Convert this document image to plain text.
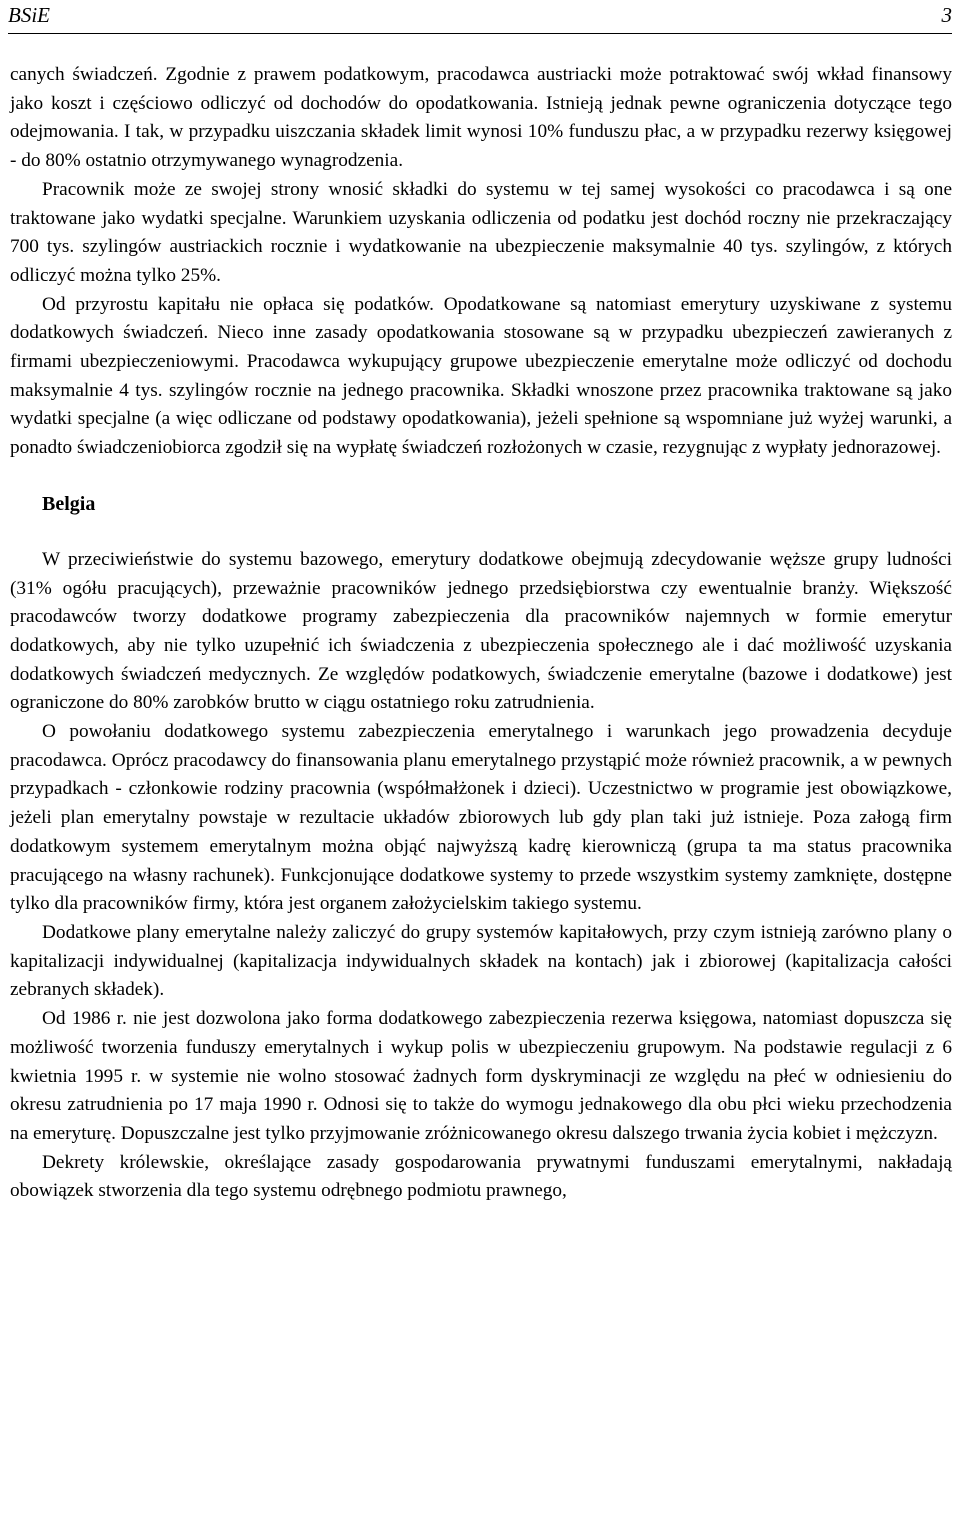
BSiE	3

canych świadczeń. Zgodnie z prawem podatkowym, pracodawca austriacki może potraktować swój wkład finansowy jako koszt i częściowo odliczyć od dochodów do opodatkowania. Istnieją jednak pewne ograniczenia dotyczące tego odejmowania. I tak, w przypadku uiszczania składek limit wynosi 10% funduszu płac, a w przypadku rezerwy księgowej - do 80% ostatnio otrzymywanego wynagrodzenia.

Pracownik może ze swojej strony wnosić składki do systemu w tej samej wysokości co pracodawca i są one traktowane jako wydatki specjalne. Warunkiem uzyskania odliczenia od podatku jest dochód roczny nie przekraczający 700 tys. szylingów austriackich rocznie i wydatkowanie na ubezpieczenie maksymalnie 40 tys. szylingów, z których odliczyć można tylko 25%.

Od przyrostu kapitału nie opłaca się podatków. Opodatkowane są natomiast emerytury uzyskiwane z systemu dodatkowych świadczeń. Nieco inne zasady opodatkowania stosowane są w przypadku ubezpieczeń zawieranych z firmami ubezpieczeniowymi. Pracodawca wykupujący grupowe ubezpieczenie emerytalne może odliczyć od dochodu maksymalnie 4 tys. szylingów rocznie na jednego pracownika. Składki wnoszone przez pracownika traktowane są jako wydatki specjalne (a więc odliczane od podstawy opodatkowania), jeżeli spełnione są wspomniane już wyżej warunki, a ponadto świadczeniobiorca zgodził się na wypłatę świadczeń rozłożonych w czasie, rezygnując z wypłaty jednorazowej.

Belgia

W przeciwieństwie do systemu bazowego, emerytury dodatkowe obejmują zdecydowanie węższe grupy ludności (31% ogółu pracujących), przeważnie pracowników jednego przedsiębiorstwa czy ewentualnie branży. Większość pracodawców tworzy dodatkowe programy zabezpieczenia dla pracowników najemnych w formie emerytur dodatkowych, aby nie tylko uzupełnić ich świadczenia z ubezpieczenia społecznego ale i dać możliwość uzyskania dodatkowych świadczeń medycznych. Ze względów podatkowych, świadczenie emerytalne (bazowe i dodatkowe) jest ograniczone do 80% zarobków brutto w ciągu ostatniego roku zatrudnienia.

O powołaniu dodatkowego systemu zabezpieczenia emerytalnego i warunkach jego prowadzenia decyduje pracodawca. Oprócz pracodawcy do finansowania planu emerytalnego przystąpić może również pracownik, a w pewnych przypadkach - członkowie rodziny pracownia (współmałżonek i dzieci). Uczestnictwo w programie jest obowiązkowe, jeżeli plan emerytalny powstaje w rezultacie układów zbiorowych lub gdy plan taki już istnieje. Poza załogą firm dodatkowym systemem emerytalnym można objąć najwyższą kadrę kierowniczą (grupa ta ma status pracownika pracującego na własny rachunek). Funkcjonujące dodatkowe systemy to przede wszystkim systemy zamknięte, dostępne tylko dla pracowników firmy, która jest organem założycielskim takiego systemu.

Dodatkowe plany emerytalne należy zaliczyć do grupy systemów kapitałowych, przy czym istnieją zarówno plany o kapitalizacji indywidualnej (kapitalizacja indywidualnych składek na kontach) jak i zbiorowej (kapitalizacja całości zebranych składek).

Od 1986 r. nie jest dozwolona jako forma dodatkowego zabezpieczenia rezerwa księgowa, natomiast dopuszcza się możliwość tworzenia funduszy emerytalnych i wykup polis w ubezpieczeniu grupowym. Na podstawie regulacji z 6 kwietnia 1995 r. w systemie nie wolno stosować żadnych form dyskryminacji ze względu na płeć w odniesieniu do okresu zatrudnienia po 17 maja 1990 r. Odnosi się to także do wymogu jednakowego dla obu płci wieku przechodzenia na emeryturę. Dopuszczalne jest tylko przyjmowanie zróżnicowanego okresu dalszego trwania życia kobiet i mężczyzn.

Dekrety królewskie, określające zasady gospodarowania prywatnymi funduszami emerytalnymi, nakładają obowiązek stworzenia dla tego systemu odrębnego podmiotu prawnego,
